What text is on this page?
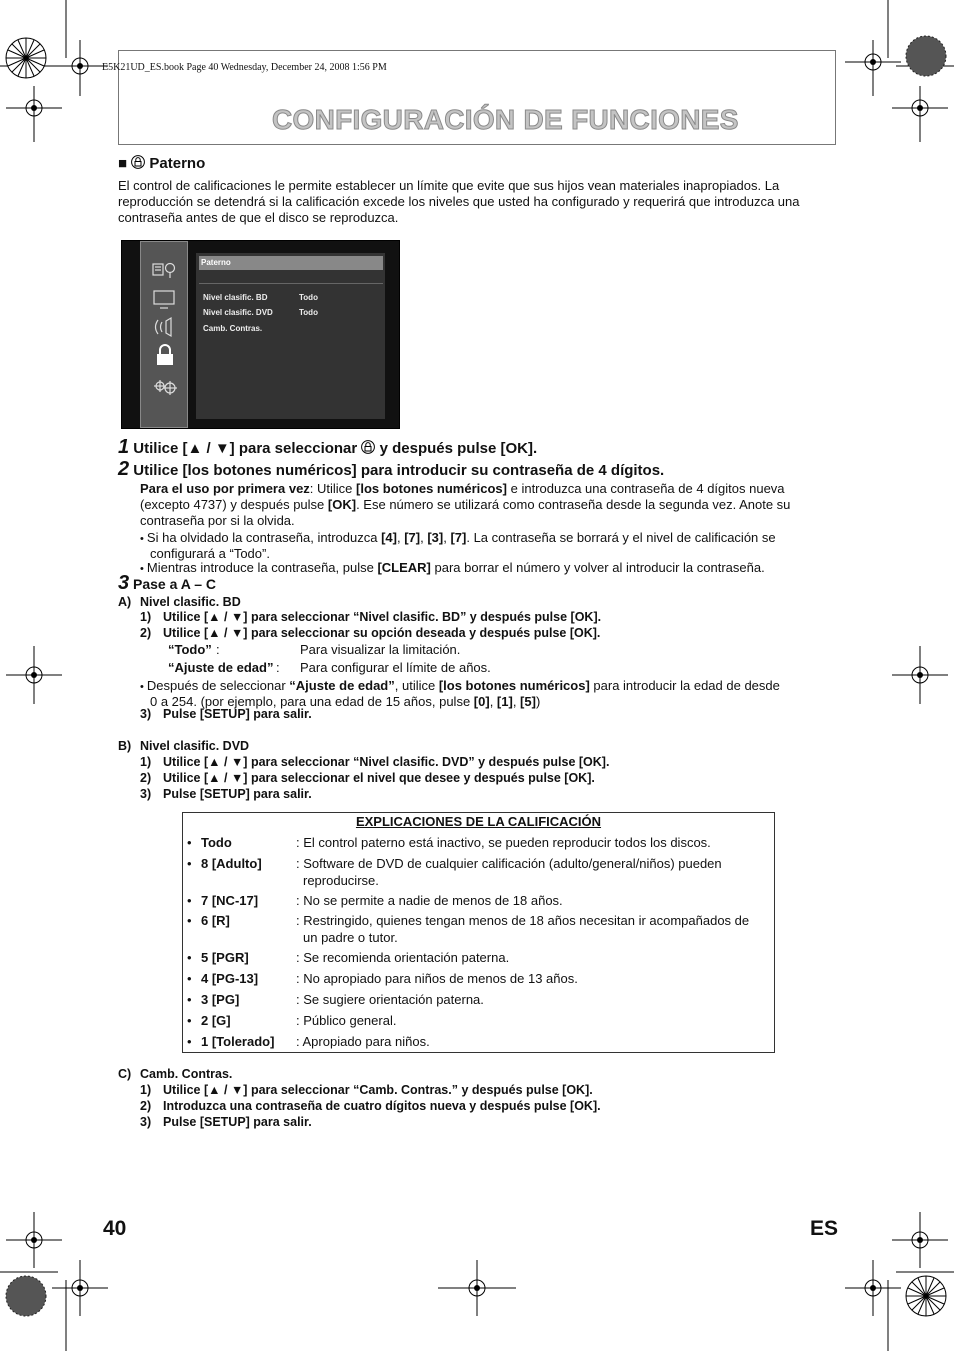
E5K21UD_ES.book Page 40 Wednesday, December 24, 2008 1:56 PM
CONFIGURACIÓN DE FUNCIONES
■ Paterno
El control de calificaciones le permite establecer un límite que evite que sus hijos vean materiales inapropiados. La
reproducción se detendrá si la calificación excede los niveles que usted ha configurado y requerirá que introduzca una
contraseña antes de que el disco se reproduzca.
Paterno
Nivel clasific. BD	Todo
Nivel clasific. DVD	Todo
Camb. Contras.
1 Utilice [▲ / ▼] para seleccionar y después pulse [OK].
2 Utilice [los botones numéricos] para introducir su contraseña de 4 dígitos.
Para el uso por primera vez: Utilice [los botones numéricos] e introduzca una contraseña de 4 dígitos nueva
(excepto 4737) y después pulse [OK]. Ese número se utilizará como contraseña desde la segunda vez. Anote su
contraseña por si la olvida.
• Si ha olvidado la contraseña, introduzca [4], [7], [3], [7]. La contraseña se borrará y el nivel de calificación se
configurará a “Todo”.
• Mientras introduce la contraseña, pulse [CLEAR] para borrar el número y volver al introducir la contraseña.
3 Pase a A – C
A) Nivel clasific. BD
1) Utilice [▲ / ▼] para seleccionar “Nivel clasific. BD” y después pulse [OK].
2) Utilice [▲ / ▼] para seleccionar su opción deseada y después pulse [OK].
“Todo” :	Para visualizar la limitación.
“Ajuste de edad” : Para configurar el límite de años.
• Después de seleccionar “Ajuste de edad”, utilice [los botones numéricos] para introducir la edad de desde
0 a 254. (por ejemplo, para una edad de 15 años, pulse [0], [1], [5])
3) Pulse [SETUP] para salir.
B) Nivel clasific. DVD
1) Utilice [▲ / ▼] para seleccionar “Nivel clasific. DVD” y después pulse [OK].
2) Utilice [▲ / ▼] para seleccionar el nivel que desee y después pulse [OK].
3) Pulse [SETUP] para salir.
EXPLICACIONES DE LA CALIFICACIÓN
• Todo	: El control paterno está inactivo, se pueden reproducir todos los discos.
• 8 [Adulto]	: Software de DVD de cualquier calificación (adulto/general/niños) pueden
reproducirse.
• 7 [NC-17]	: No se permite a nadie de menos de 18 años.
• 6 [R]	: Restringido, quienes tengan menos de 18 años necesitan ir acompañados de
un padre o tutor.
• 5 [PGR]	: Se recomienda orientación paterna.
• 4 [PG-13]	: No apropiado para niños de menos de 13 años.
• 3 [PG]	: Se sugiere orientación paterna.
• 2 [G]	: Público general.
• 1 [Tolerado] : Apropiado para niños.
C) Camb. Contras.
1) Utilice [▲ / ▼] para seleccionar “Camb. Contras.” y después pulse [OK].
2) Introduzca una contraseña de cuatro dígitos nueva y después pulse [OK].
3) Pulse [SETUP] para salir.
40	ES
